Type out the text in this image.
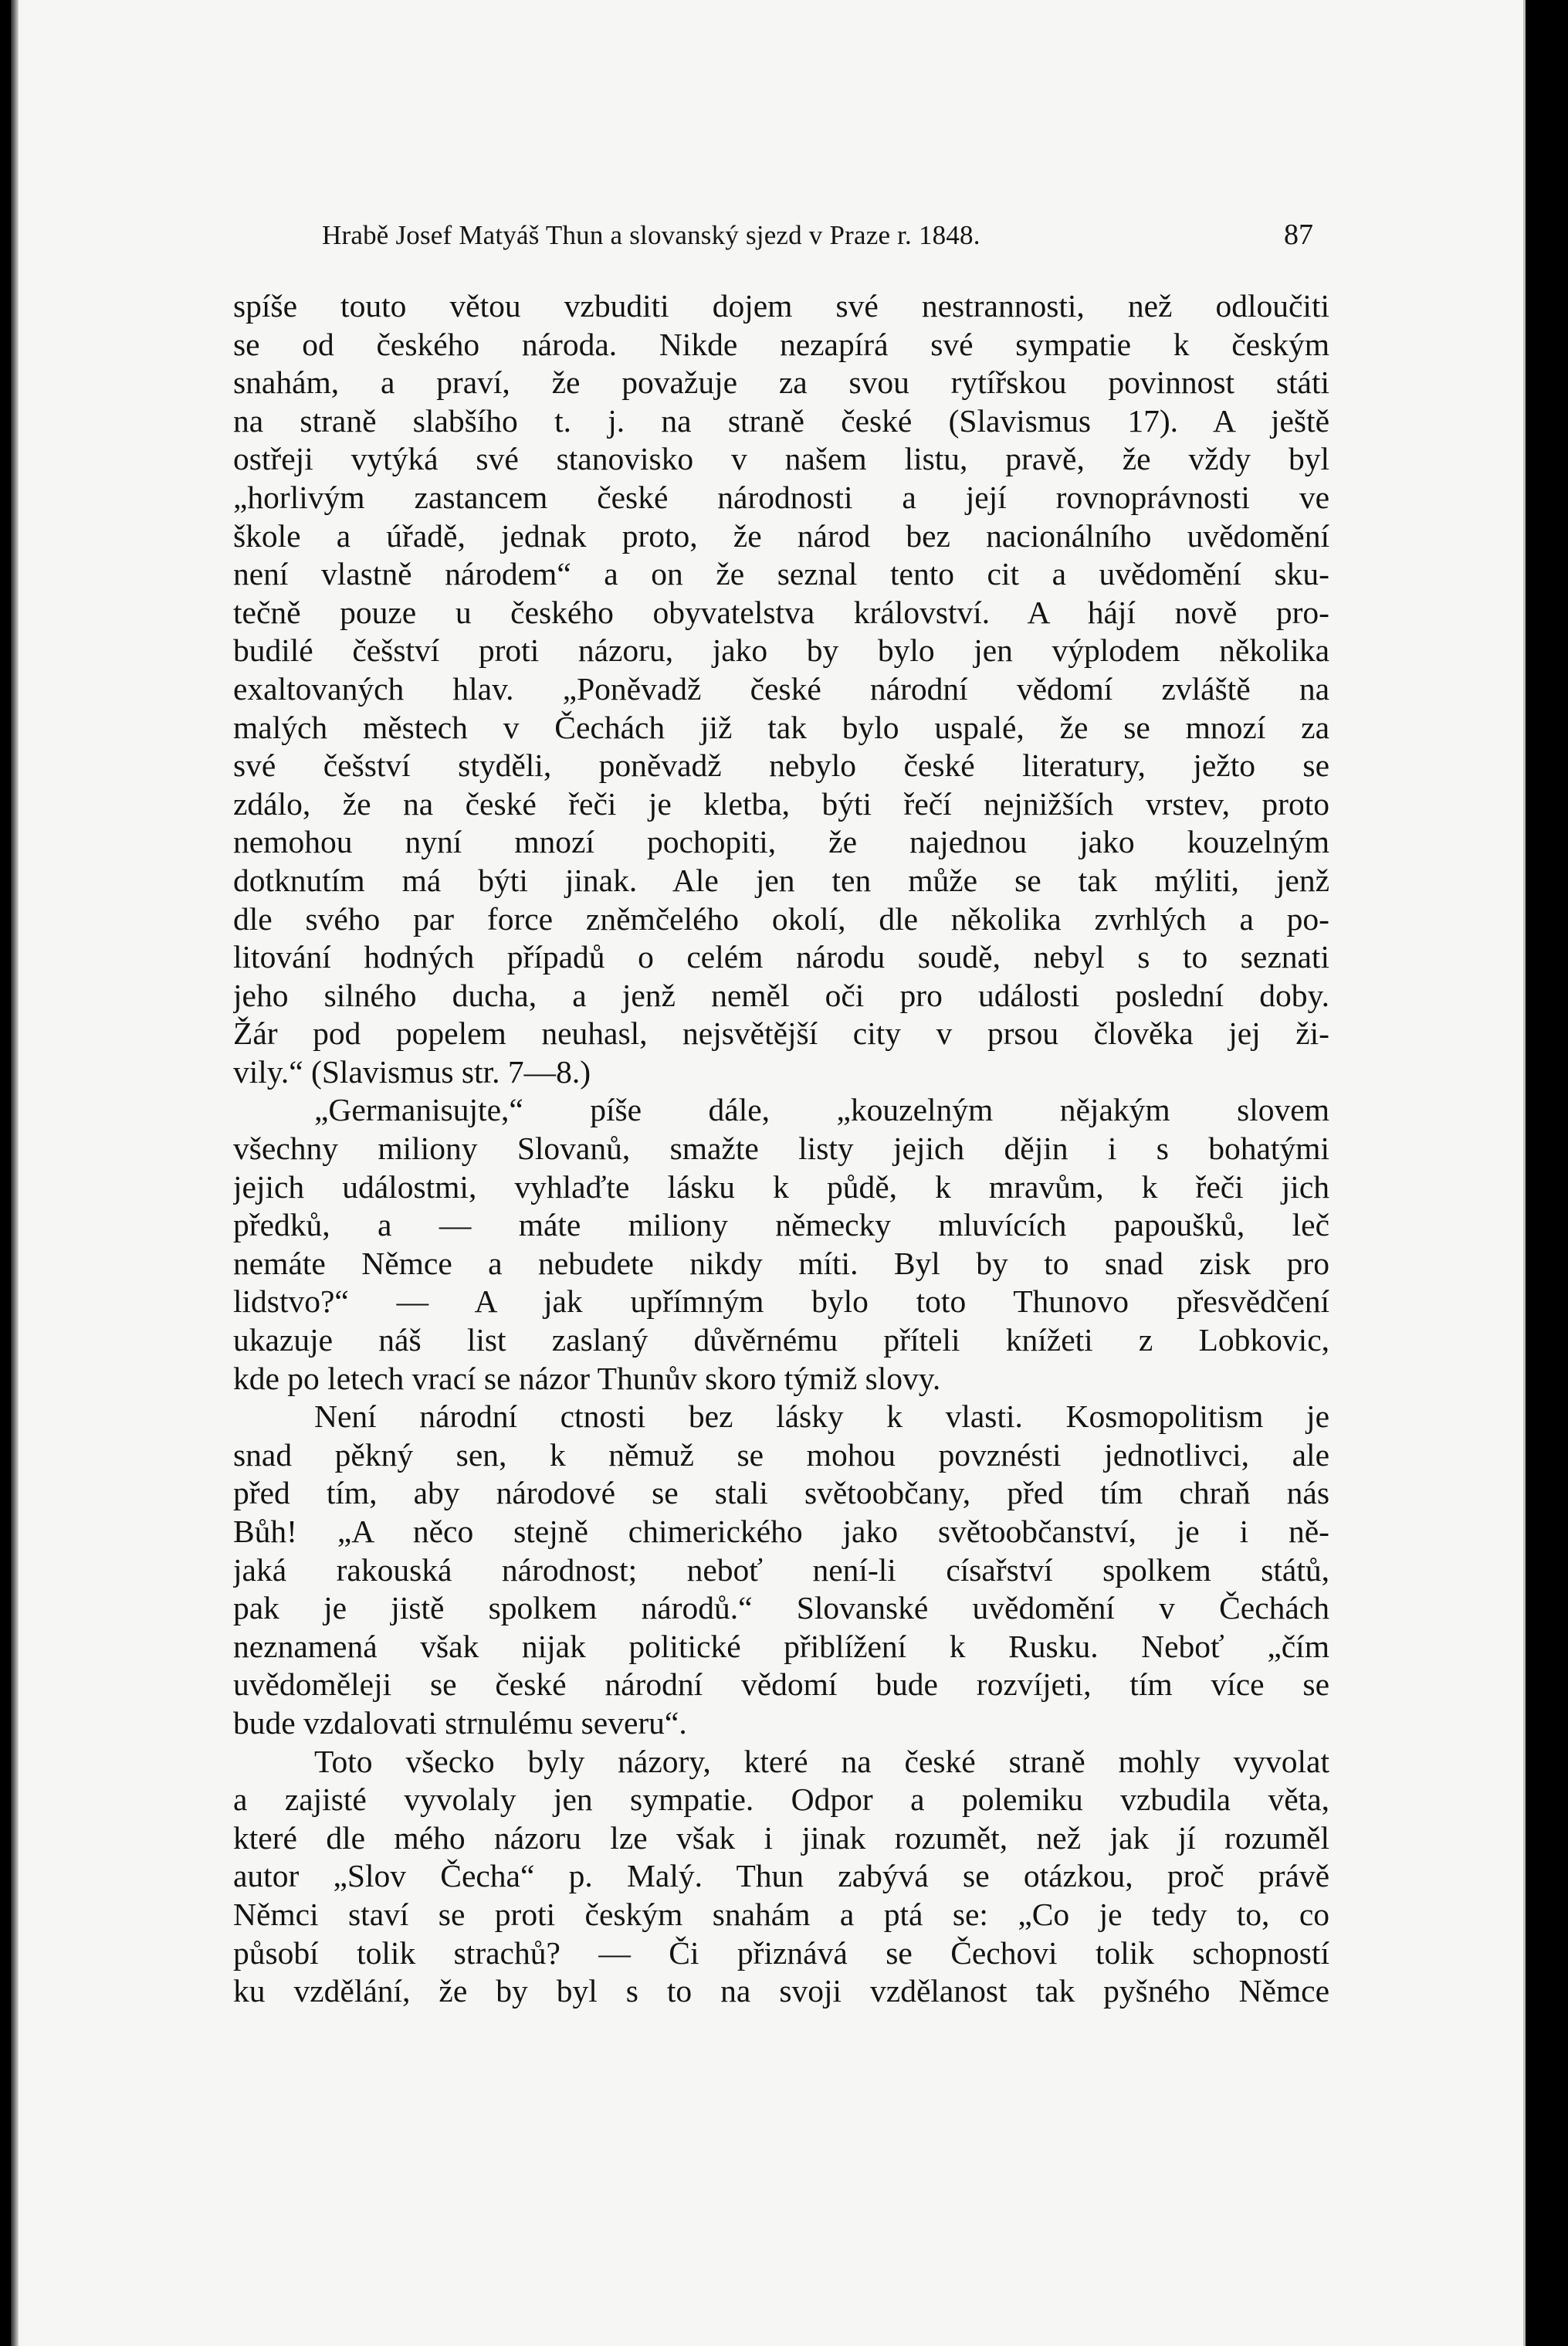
Hrabě Josef Matyáš Thun a slovanský sjezd v Praze r. 1848.	87
spíše touto větou vzbuditi dojem své nestrannosti, než odloučiti
se od českého národa. Nikde nezapírá své sympatie k českým
snahám, a praví, že považuje za svou rytířskou povinnost státi
na straně slabšího t. j. na straně české (Slavismus 17). A ještě
ostřeji vytýká své stanovisko v našem listu, pravě, že vždy byl
„horlivým zastancem české národnosti a její rovnoprávnosti ve
škole a úřadě, jednak proto, že národ bez nacionálního uvědomění
není vlastně národem“ a on že seznal tento cit a uvědomění sku-
tečně pouze u českého obyvatelstva království. A hájí nově pro-
budilé češství proti názoru, jako by bylo jen výplodem několika
exaltovaných hlav. „Poněvadž české národní vědomí zvláště na
malých městech v Čechách již tak bylo uspalé, že se mnozí za
své češství styděli, poněvadž nebylo české literatury, ježto se
zdálo, že na české řeči je kletba, býti řečí nejnižších vrstev, proto
nemohou nyní mnozí pochopiti, že najednou jako kouzelným
dotknutím má býti jinak. Ale jen ten může se tak mýliti, jenž
dle svého par force zněmčelého okolí, dle několika zvrhlých a po-
litování hodných případů o celém národu soudě, nebyl s to seznati
jeho silného ducha, a jenž neměl oči pro události poslední doby.
Žár pod popelem neuhasl, nejsvětější city v prsou člověka jej ži-
vily.“ (Slavismus str. 7—8.)
„Germanisujte,“ píše dále, „kouzelným nějakým slovem
všechny miliony Slovanů, smažte listy jejich dějin i s bohatými
jejich událostmi, vyhlaďte lásku k půdě, k mravům, k řeči jich
předků, a — máte miliony německy mluvících papoušků, leč
nemáte Němce a nebudete nikdy míti. Byl by to snad zisk pro
lidstvo?“ — A jak upřímným bylo toto Thunovo přesvědčení
ukazuje náš list zaslaný důvěrnému příteli knížeti z Lobkovic,
kde po letech vrací se názor Thunův skoro týmiž slovy.
Není národní ctnosti bez lásky k vlasti. Kosmopolitism je
snad pěkný sen, k němuž se mohou povznésti jednotlivci, ale
před tím, aby národové se stali světoobčany, před tím chraň nás
Bůh! „A něco stejně chimerického jako světoobčanství, je i ně-
jaká rakouská národnost; neboť není-li císařství spolkem států,
pak je jistě spolkem národů.“ Slovanské uvědomění v Čechách
neznamená však nijak politické přiblížení k Rusku. Neboť „čím
uvědoměleji se české národní vědomí bude rozvíjeti, tím více se
bude vzdalovati strnulému severu“.
Toto všecko byly názory, které na české straně mohly vyvolat
a zajisté vyvolaly jen sympatie. Odpor a polemiku vzbudila věta,
které dle mého názoru lze však i jinak rozumět, než jak jí rozuměl
autor „Slov Čecha“ p. Malý. Thun zabývá se otázkou, proč právě
Němci staví se proti českým snahám a ptá se: „Co je tedy to, co
působí tolik strachů? — Či přiznává se Čechovi tolik schopností
ku vzdělání, že by byl s to na svoji vzdělanost tak pyšného Němce
